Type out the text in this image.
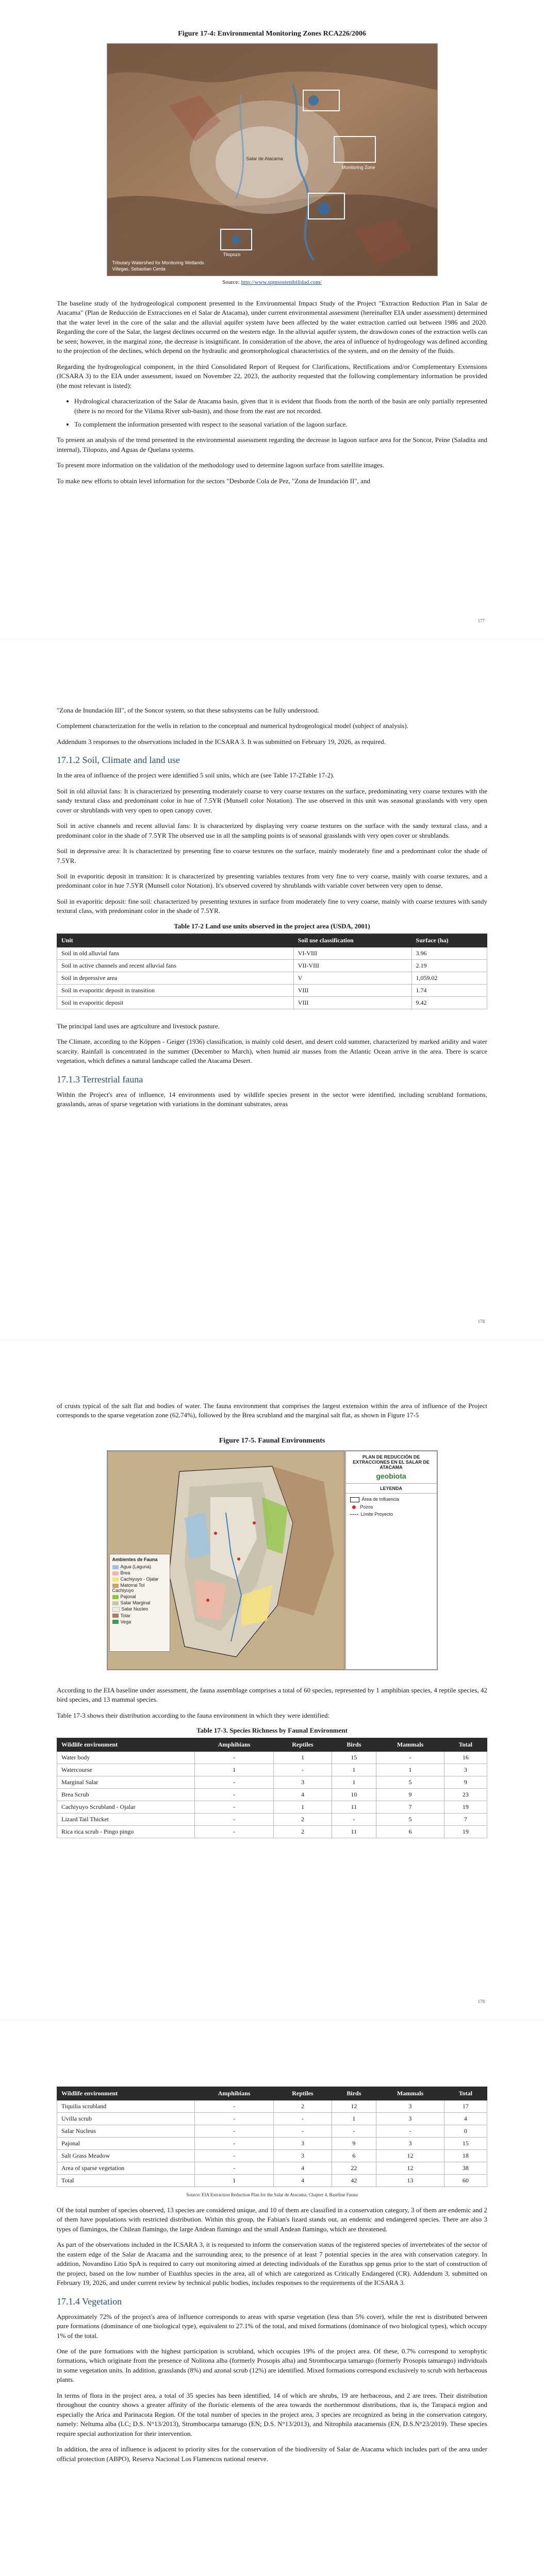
Figure 17-4: Environmental Monitoring Zones RCA226/2006
Tributary Watershed for Monitoring Wetlands
Villegas, Sebastian Cerda
Salar de Atacama
Monitoring Zone
Tilopozo
Source: http://www.sqmsostenibilidad.com/

The baseline study of the hydrogeological component presented in the Environmental Impact Study of the Project "Extraction Reduction Plan in Salar de Atacama" (Plan de Reducción de Extracciones en el Salar de Atacama), under current environmental assessment (hereinafter EIA under assessment) determined that the water level in the core of the salar and the alluvial aquifer system have been affected by the water extraction carried out between 1986 and 2020. Regarding the core of the Salar, the largest declines occurred on the western edge. In the alluvial aquifer system, the drawdown cones of the extraction wells can be seen; however, in the marginal zone, the decrease is insignificant. In consideration of the above, the area of influence of hydrogeology was defined according to the projection of the declines, which depend on the hydraulic and geomorphological characteristics of the system, and on the density of the fluids.

Regarding the hydrogeological component, in the third Consolidated Report of Request for Clarifications, Rectifications and/or Complementary Extensions (ICSARA 3) to the EIA under assessment, issued on November 22, 2023, the authority requested that the following complementary information be provided (the most relevant is listed):

• Hydrological characterization of the Salar de Atacama basin, given that it is evident that floods from the north of the basin are only partially represented (there is no record for the Vilama River sub-basin), and those from the east are not recorded.
• To complement the information presented with respect to the seasonal variation of the lagoon surface.

To present an analysis of the trend presented in the environmental assessment regarding the decrease in lagoon surface area for the Soncor, Peine (Saladita and internal), Tilopozo, and Aguas de Quelana systems.

To present more information on the validation of the methodology used to determine lagoon surface from satellite images.

To make new efforts to obtain level information for the sectors "Desborde Cola de Pez, "Zona de Inundación II", and

177

"Zona de Inundación III", of the Soncor system, so that these subsystems can be fully understood.

Complement characterization for the wells in relation to the conceptual and numerical hydrogeological model (subject of analysis).

Addendum 3 responses to the observations included in the ICSARA 3. It was submitted on February 19, 2026, as required.

17.1.2 Soil, Climate and land use

In the area of influence of the project were identified 5 soil units, which are (see Table 17-2Table 17-2).

Soil in old alluvial fans: It is characterized by presenting moderately coarse to very coarse textures on the surface, predominating very coarse textures with the sandy textural class and predominant color in hue of 7.5YR (Munsell color Notation). The use observed in this unit was seasonal grasslands with very open cover or shrublands with very open to open canopy cover.

Soil in active channels and recent alluvial fans: It is characterized by displaying very coarse textures on the surface with the sandy textural class, and a predominant color in the shade of 7.5YR The observed use in all the sampling points is of seasonal grasslands with very open cover or shrublands.

Soil in depressive area: It is characterized by presenting fine to coarse textures on the surface, mainly moderately fine and a predominant color the shade of 7.5YR.

Soil in evaporitic deposit in transition: It is characterized by presenting variables textures from very fine to very coarse, mainly with coarse textures, and a predominant color in hue 7.5YR (Munsell color Notation). It's observed covered by shrublands with variable cover between very open to dense.

Soil in evaporitic deposit: fine soil: characterized by presenting textures in surface from moderately fine to very coarse, mainly with coarse textures with sandy textural class, with predominant color in the shade of 7.5YR.

Table 17-2 Land use units observed in the project area (USDA, 2001)
Unit	Soil use classification	Surface (ha)
Soil in old alluvial fans	VI-VIII	3.96
Soil in active channels and recent alluvial fans	VII-VIII	2.19
Soil in depressive area	V	1,059.02
Soil in evaporitic deposit in transition	VIII	1.74
Soil in evaporitic deposit	VIII	9.42

The principal land uses are agriculture and livestock pasture.

The Climate, according to the Köppen - Geiger (1936) classification, is mainly cold desert, and desert cold summer, characterized by marked aridity and water scarcity. Rainfall is concentrated in the summer (December to March), when humid air masses from the Atlantic Ocean arrive in the area. There is scarce vegetation, which defines a natural landscape called the Atacama Desert.

17.1.3 Terrestrial fauna

Within the Project's area of influence, 14 environments used by wildlife species present in the sector were identified, including scrubland formations, grasslands, areas of sparse vegetation with variations in the dominant substrates, areas

178

of crusts typical of the salt flat and bodies of water. The fauna environment that comprises the largest extension within the area of influence of the Project corresponds to the sparse vegetation zone (62.74%), followed by the Brea scrubland and the marginal salt flat, as shown in Figure 17-5

Figure 17-5. Faunal Environments
PLAN DE REDUCCIÓN DE EXTRACCIONES EN EL SALAR DE ATACAMA
geobiota
LEYENDA
Área de Influencia
Pozos
Límite Proyecto
Ambientes de Fauna
Agua (Laguna)
Brea
Cachiyuyo - Ojalar
Matorral Tol Cachiyuyo
Pajonal
Salar Marginal
Salar Nucleo
Tolar
Vega

According to the EIA baseline under assessment, the fauna assemblage comprises a total of 60 species, represented by 1 amphibian species, 4 reptile species, 42 bird species, and 13 mammal species.

Table 17-3 shows their distribution according to the fauna environment in which they were identified:

Table 17-3. Species Richness by Faunal Environment
Wildlife environment	Amphibians	Reptiles	Birds	Mammals	Total
Water body	-	1	15	-	16
Watercourse	1	-	1	1	3
Marginal Salar	-	3	1	5	9
Brea Scrub	-	4	10	9	23
Cachiyuyo Scrubland - Ojalar	-	1	11	7	19
Lizard Tail Thicket	-	2	-	5	7
Rica rica scrub - Pingo pingo	-	2	11	6	19
179
Wildlife environment	Amphibians	Reptiles	Birds	Mammals	Total
Tiquilia scrubland	-	2	12	3	17
Uvilla scrub	-	-	1	3	4
Salar Nucleus	-	-	-	-	0
Pajonal	-	3	9	3	15
Salt Grass Meadow	-	3	6	12	18
Area of sparse vegetation	-	4	22	12	38
Total	1	4	42	13	60
Source: EIA Extraction Reduction Plan for the Salar de Atacama, Chapter 4, Baseline Fauna

Of the total number of species observed, 13 species are considered unique, and 10 of them are classified in a conservation category, 3 of them are endemic and 2 of them have populations with restricted distribution. Within this group, the Fabian's lizard stands out, an endemic and endangered species. There are also 3 types of flamingos, the Chilean flamingo, the large Andean flamingo and the small Andean flamingo, which are threatened.

As part of the observations included in the ICSARA 3, it is requested to inform the conservation status of the registered species of invertebrates of the sector of the eastern edge of the Salar de Atacama and the surrounding area; to the presence of at least 7 potential species in the area with conservation category. In addition, Novandino Litio SpA is required to carry out monitoring aimed at detecting individuals of the Eurathus spp genus prior to the start of construction of the project, based on the low number of Euathlus species in the area, all of which are categorized as Critically Endangered (CR). Addendum 3, submitted on February 19, 2026, and under current review by technical public bodies, includes responses to the requirements of the ICSARA 3.

17.1.4 Vegetation

Approximately 72% of the project's area of influence corresponds to areas with sparse vegetation (less than 5% cover), while the rest is distributed between pure formations (dominance of one biological type), equivalent to 27.1% of the total, and mixed formations (dominance of two biological types), which occupy 1% of the total.

One of the pure formations with the highest participation is scrubland, which occupies 19% of the project area. Of these, 0.7% correspond to xerophytic formations, which originate from the presence of Nolitona alba (formerly Prosopis alba) and Strombocarpa tamarugo (formerly Prosopis tamarugo) individuals in some vegetation units. In addition, grasslands (8%) and azonal scrub (12%) are identified. Mixed formations correspond exclusively to scrub with herbaceous plants.

In terms of flora in the project area, a total of 35 species has been identified, 14 of which are shrubs, 19 are herbaceous, and 2 are trees. Their distribution throughout the country shows a greater affinity of the floristic elements of the area towards the northernmost distributions, that is, the Tarapacá region and especially the Arica and Parinacota Region. Of the total number of species in the project area, 3 species are recognized as being in the conservation category, namely: Neltuma alba (LC; D.S. N°13/2013), Strombocarpa tamarugo (EN; D.S. N°13/2013), and Nitrophila atacamensis (EN, D.S.N°23/2019). These species require special authorization for their intervention.

In addition, the area of influence is adjacent to priority sites for the conservation of the biodiversity of Salar de Atacama which includes part of the area under official protection (ABPO), Reserva Nacional Los Flamencos national reserve.
